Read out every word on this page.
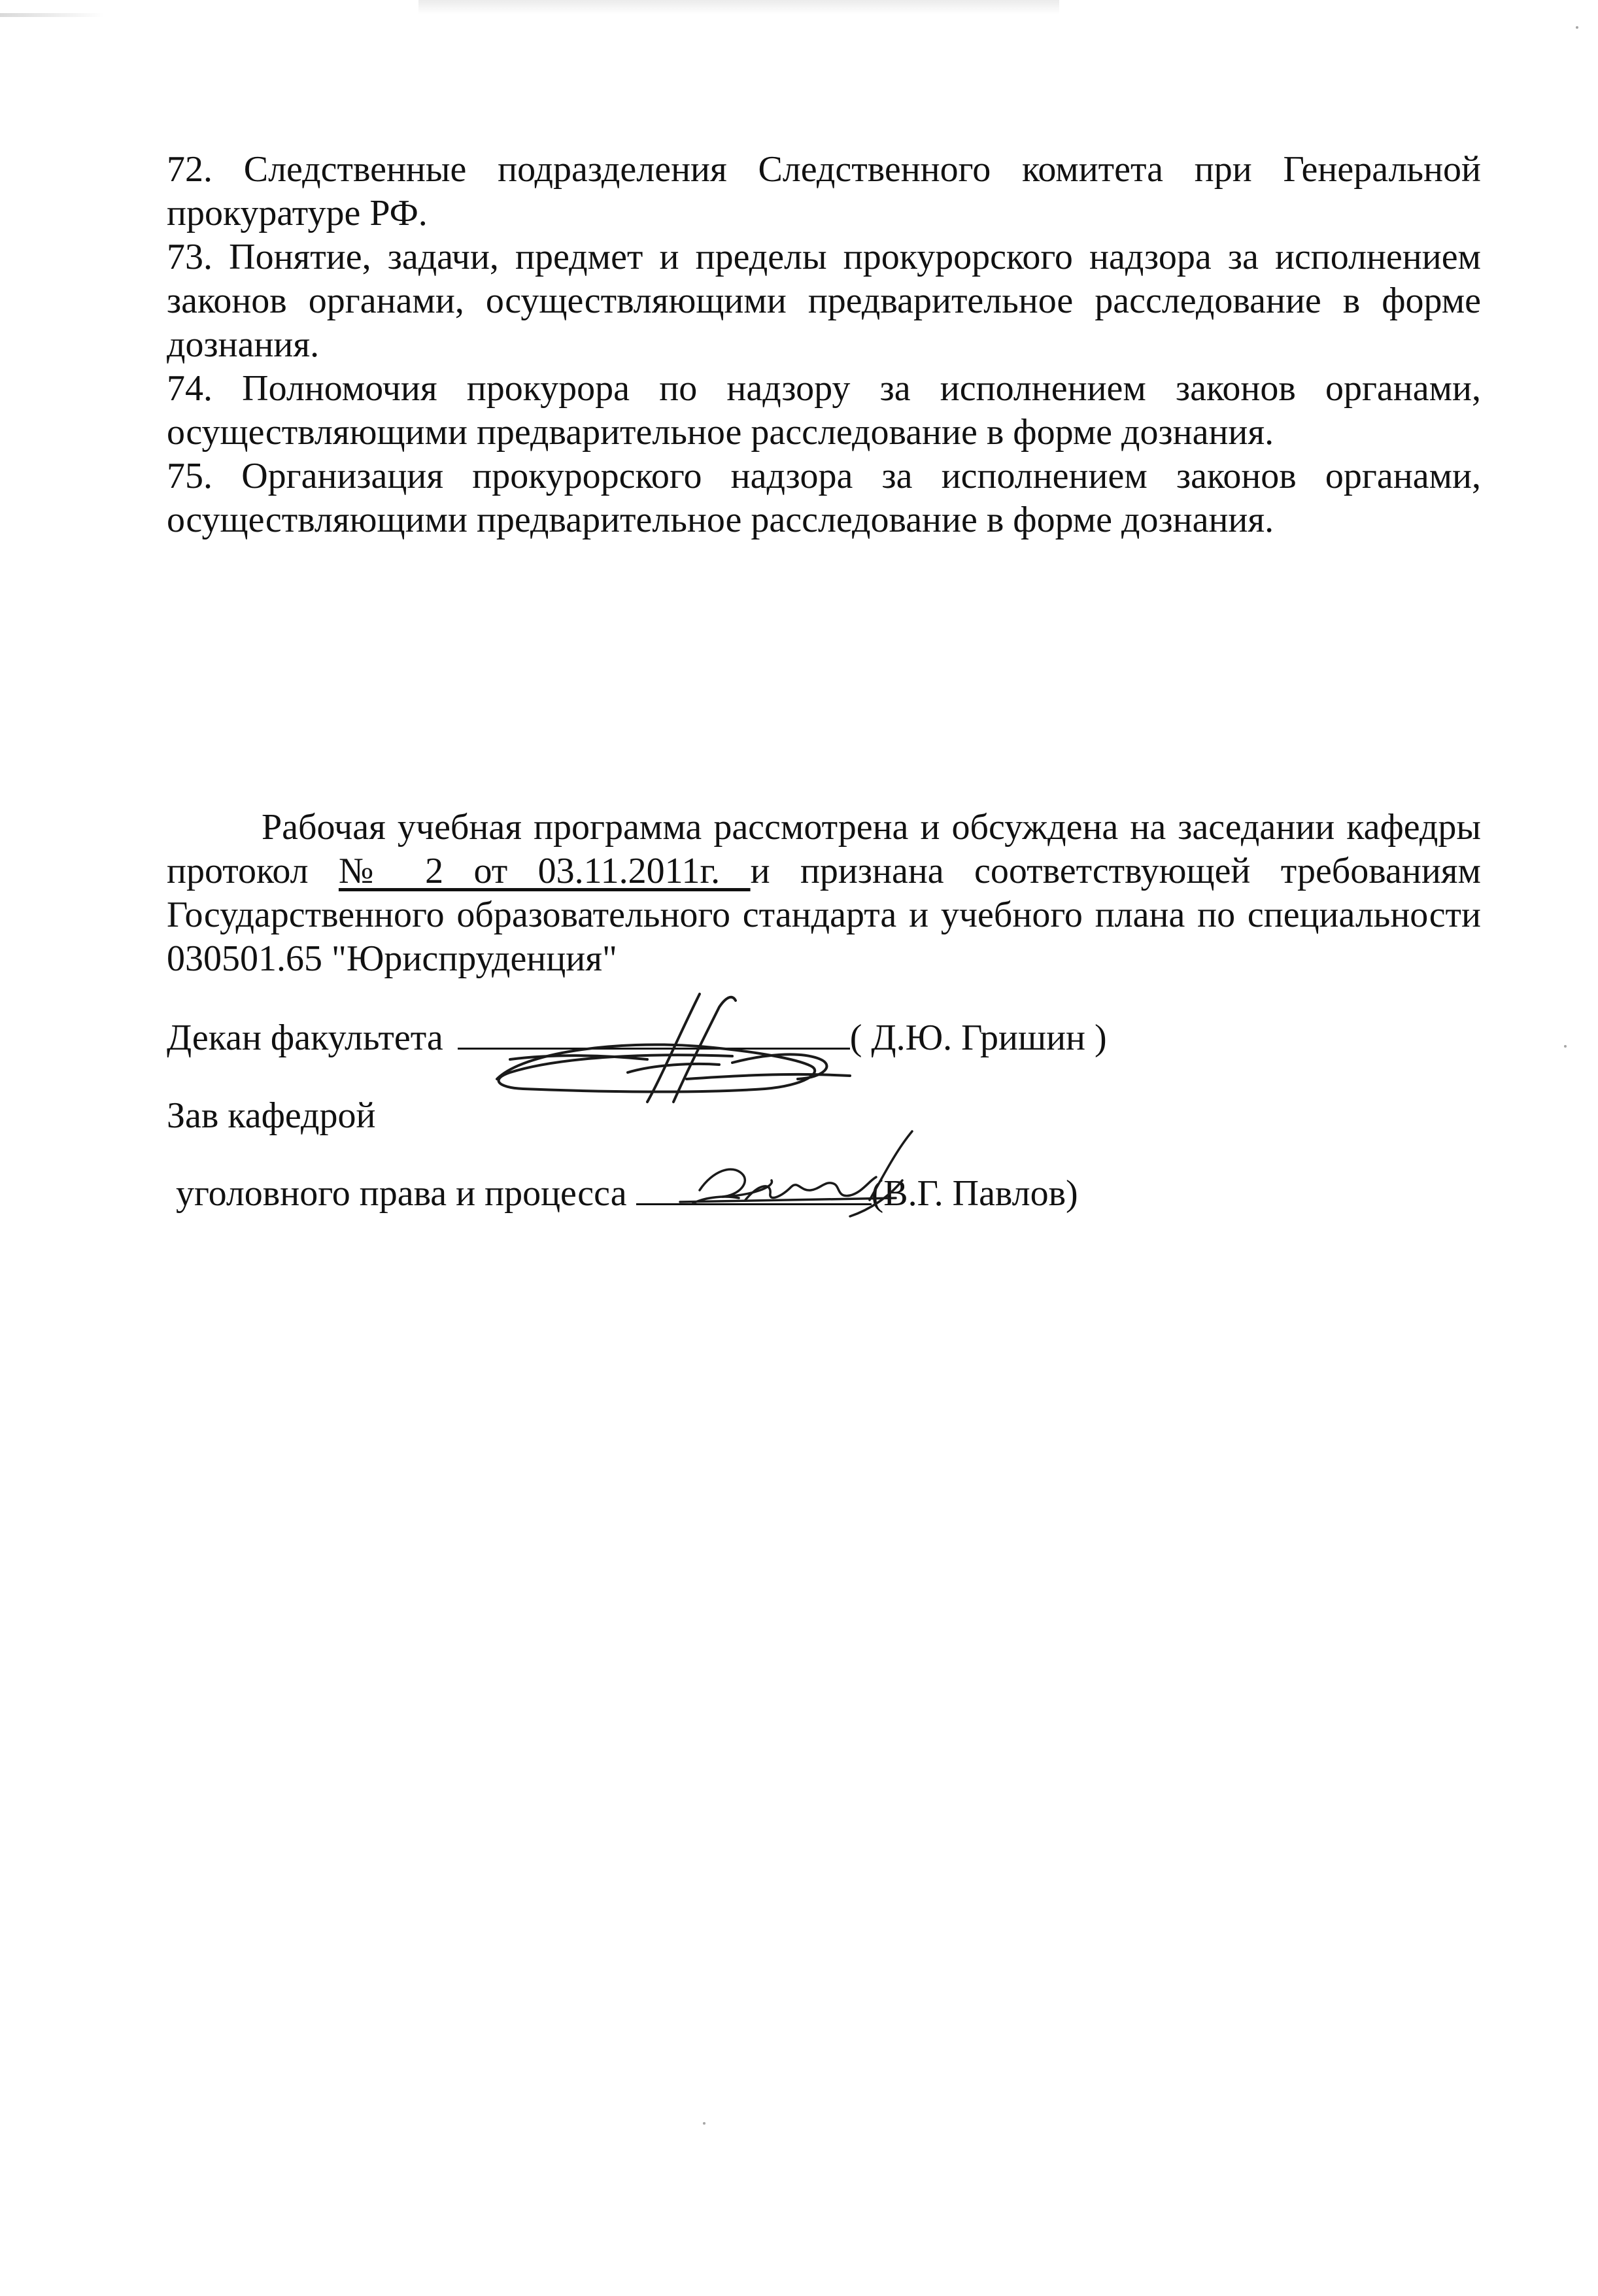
72. Следственные подразделения Следственного комитета при Генеральной прокуратуре РФ.

73. Понятие, задачи, предмет и пределы прокурорского надзора за исполнением законов органами, осуществляющими предварительное расследование в форме дознания.

74. Полномочия прокурора по надзору за исполнением законов органами, осуществляющими предварительное расследование в форме дознания.

75. Организация прокурорского надзора за исполнением законов органами, осуществляющими предварительное расследование в форме дознания.

Рабочая учебная программа рассмотрена и обсуждена на заседании кафедры протокол № 2 от 03.11.2011г. и признана соответствующей требованиям Государственного образовательного стандарта и учебного плана по специальности 030501.65 "Юриспруденция"

Декан факультета	( Д.Ю. Гришин )
Зав кафедрой
уголовного права и процесса	(В.Г. Павлов)
